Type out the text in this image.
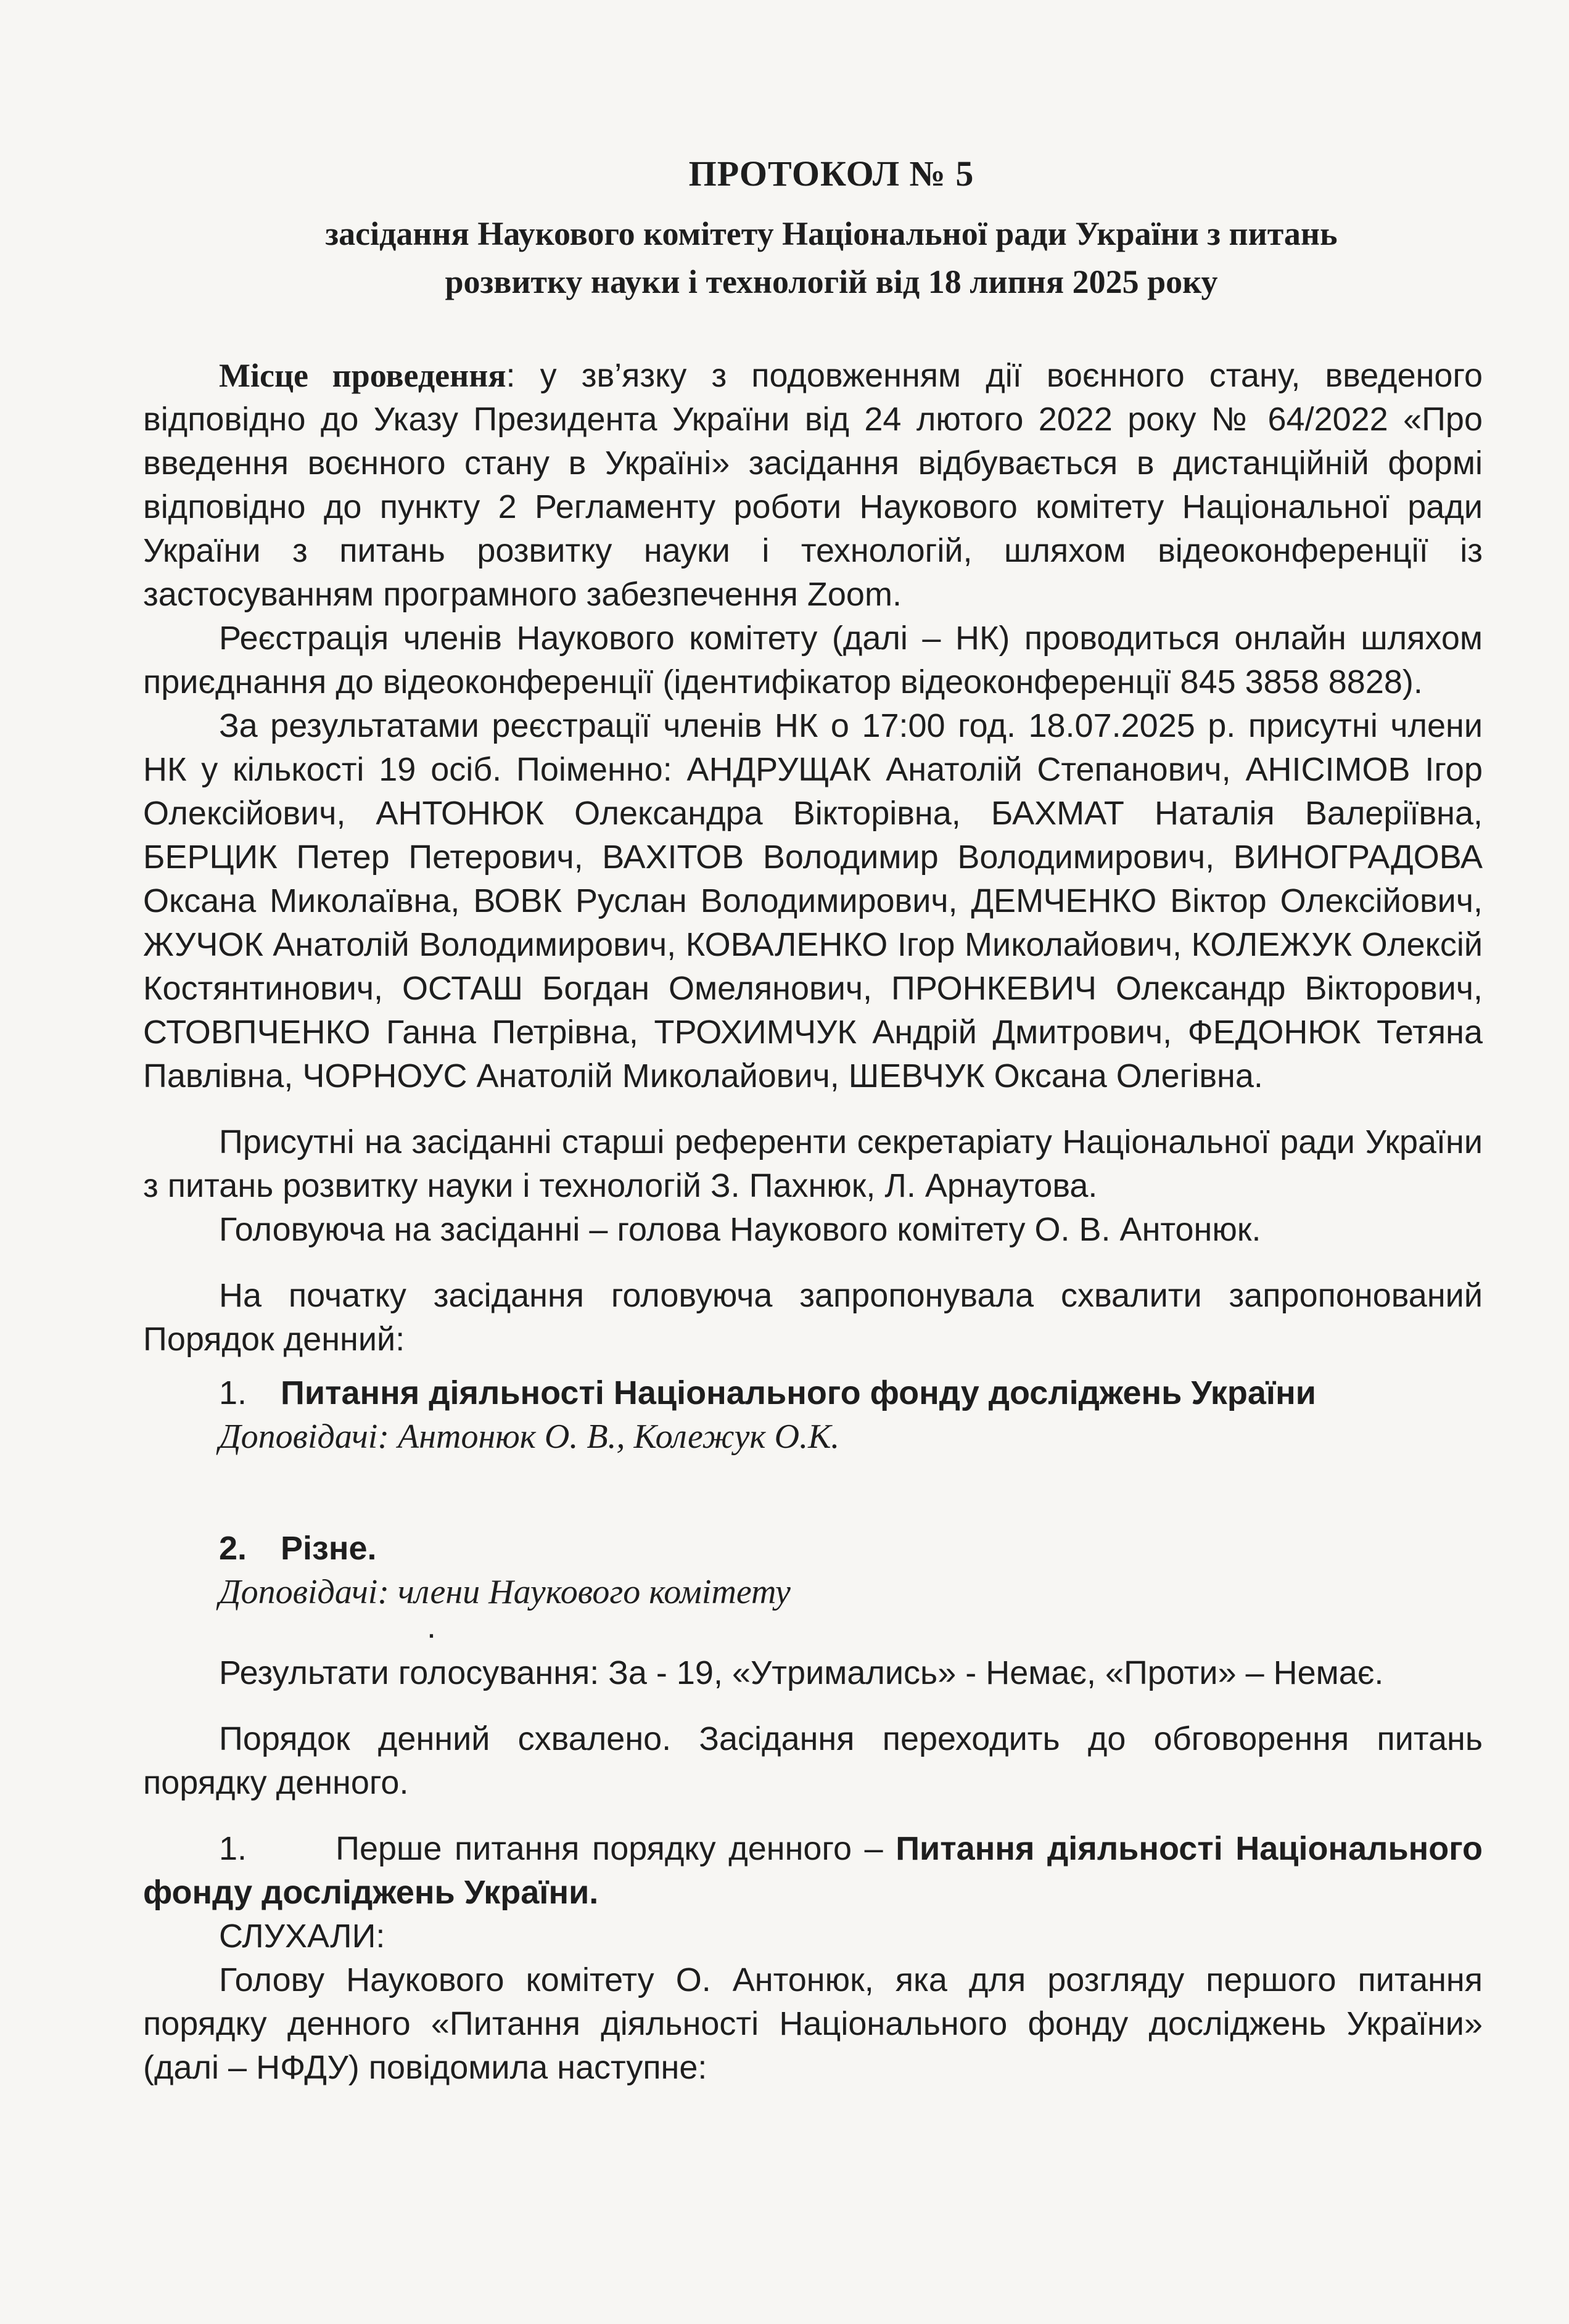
ПРОТОКОЛ № 5
засідання Наукового комітету Національної ради України з питань
розвитку науки і технологій від 18 липня 2025 року

Місце проведення: у зв’язку з подовженням дії воєнного стану, введеного відповідно до Указу Президента України від 24 лютого 2022 року № 64/2022 «Про введення воєнного стану в Україні» засідання відбувається в дистанційній формі відповідно до пункту 2 Регламенту роботи Наукового комітету Національної ради України з питань розвитку науки і технологій, шляхом відеоконференції із застосуванням програмного забезпечення Zoom.

Реєстрація членів Наукового комітету (далі – НК) проводиться онлайн шляхом приєднання до відеоконференції (ідентифікатор відеоконференції 845 3858 8828).

За результатами реєстрації членів НК о 17:00 год. 18.07.2025 р. присутні члени НК у кількості 19 осіб. Поіменно: АНДРУЩАК Анатолій Степанович, АНІСІМОВ Ігор Олексійович, АНТОНЮК Олександра Вікторівна, БАХМАТ Наталія Валеріївна, БЕРЦИК Петер Петерович, ВАХІТОВ Володимир Володимирович, ВИНОГРАДОВА Оксана Миколаївна, ВОВК Руслан Володимирович, ДЕМЧЕНКО Віктор Олексійович, ЖУЧОК Анатолій Володимирович, КОВАЛЕНКО Ігор Миколайович, КОЛЕЖУК Олексій Костянтинович, ОСТАШ Богдан Омелянович, ПРОНКЕВИЧ Олександр Вікторович, СТОВПЧЕНКО Ганна Петрівна, ТРОХИМЧУК Андрій Дмитрович, ФЕДОНЮК Тетяна Павлівна, ЧОРНОУС Анатолій Миколайович, ШЕВЧУК Оксана Олегівна.

Присутні на засіданні старші референти секретаріату Національної ради України з питань розвитку науки і технологій З. Пахнюк, Л. Арнаутова.

Головуюча на засіданні – голова Наукового комітету О. В. Антонюк.

На початку засідання головуюча запропонувала схвалити запропонований Порядок денний:

1. Питання діяльності Національного фонду досліджень України
Доповідачі: Антонюк О. В., Колежук О.К.
2. Різне.
Доповідачі: члени Наукового комітету
.

Результати голосування: За - 19, «Утримались» - Немає, «Проти» – Немає.

Порядок денний схвалено. Засідання переходить до обговорення питань порядку денного.

1.       Перше питання порядку денного – Питання діяльності Національного фонду досліджень України.

СЛУХАЛИ:

Голову Наукового комітету О. Антонюк, яка для розгляду першого питання порядку денного «Питання діяльності Національного фонду досліджень України» (далі – НФДУ) повідомила наступне:
